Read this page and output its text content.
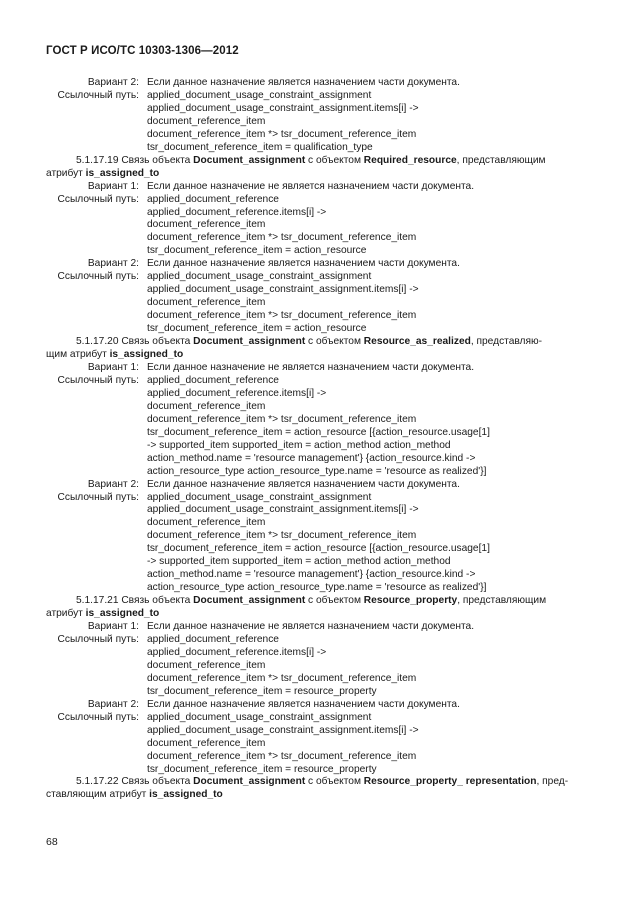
ГОСТ Р ИСО/ТС 10303-1306—2012
Вариант 2: Если данное назначение является назначением части документа.
Ссылочный путь: applied_document_usage_constraint_assignment
applied_document_usage_constraint_assignment.items[i] ->
document_reference_item
document_reference_item *> tsr_document_reference_item
tsr_document_reference_item = qualification_type
5.1.17.19 Связь объекта Document_assignment с объектом Required_resource, представляющим
атрибут is_assigned_to
Вариант 1: Если данное назначение не является назначением части документа.
Ссылочный путь: applied_document_reference
applied_document_reference.items[i] ->
document_reference_item
document_reference_item *> tsr_document_reference_item
tsr_document_reference_item = action_resource
Вариант 2: Если данное назначение является назначением части документа.
Ссылочный путь: applied_document_usage_constraint_assignment
applied_document_usage_constraint_assignment.items[i] ->
document_reference_item
document_reference_item *> tsr_document_reference_item
tsr_document_reference_item = action_resource
5.1.17.20 Связь объекта Document_assignment с объектом Resource_as_realized, представляю-
щим атрибут is_assigned_to
Вариант 1: Если данное назначение не является назначением части документа.
Ссылочный путь: applied_document_reference
applied_document_reference.items[i] ->
document_reference_item
document_reference_item *> tsr_document_reference_item
tsr_document_reference_item = action_resource [{action_resource.usage[1]
-> supported_item supported_item = action_method action_method
action_method.name = 'resource management'} {action_resource.kind ->
action_resource_type action_resource_type.name = 'resource as realized'}]
Вариант 2: Если данное назначение является назначением части документа.
Ссылочный путь: applied_document_usage_constraint_assignment
applied_document_usage_constraint_assignment.items[i] ->
document_reference_item
document_reference_item *> tsr_document_reference_item
tsr_document_reference_item = action_resource [{action_resource.usage[1]
-> supported_item supported_item = action_method action_method
action_method.name = 'resource management'} {action_resource.kind ->
action_resource_type action_resource_type.name = 'resource as realized'}]
5.1.17.21 Связь объекта Document_assignment с объектом Resource_property, представляющим
атрибут is_assigned_to
Вариант 1: Если данное назначение не является назначением части документа.
Ссылочный путь: applied_document_reference
applied_document_reference.items[i] ->
document_reference_item
document_reference_item *> tsr_document_reference_item
tsr_document_reference_item = resource_property
Вариант 2: Если данное назначение является назначением части документа.
Ссылочный путь: applied_document_usage_constraint_assignment
applied_document_usage_constraint_assignment.items[i] ->
document_reference_item
document_reference_item *> tsr_document_reference_item
tsr_document_reference_item = resource_property
5.1.17.22 Связь объекта Document_assignment с объектом Resource_property_ representation, пред-
ставляющим атрибут is_assigned_to
68
